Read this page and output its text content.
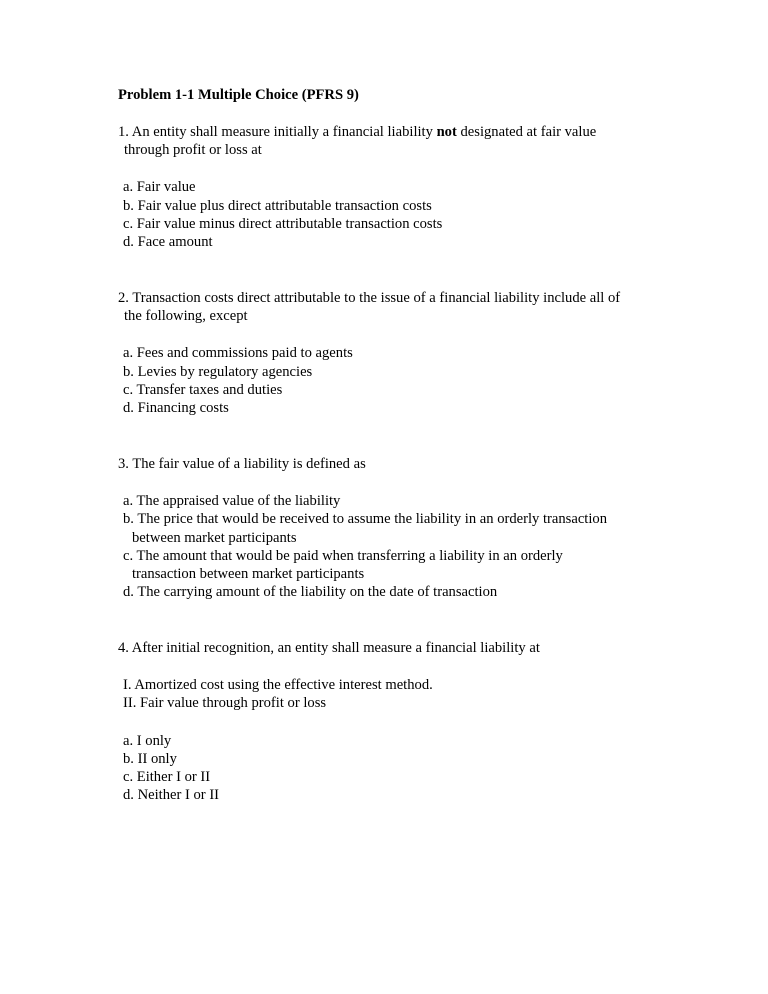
Problem 1-1 Multiple Choice (PFRS 9)

1. An entity shall measure initially a financial liability not designated at fair value
through profit or loss at

a. Fair value
b. Fair value plus direct attributable transaction costs
c. Fair value minus direct attributable transaction costs
d. Face amount

2. Transaction costs direct attributable to the issue of a financial liability include all of
the following, except

a. Fees and commissions paid to agents
b. Levies by regulatory agencies
c. Transfer taxes and duties
d. Financing costs

3. The fair value of a liability is defined as

a. The appraised value of the liability
b. The price that would be received to assume the liability in an orderly transaction
between market participants
c. The amount that would be paid when transferring a liability in an orderly
transaction between market participants
d. The carrying amount of the liability on the date of transaction

4. After initial recognition, an entity shall measure a financial liability at

I. Amortized cost using the effective interest method.
II. Fair value through profit or loss
a. I only
b. II only
c. Either I or II
d. Neither I or II
